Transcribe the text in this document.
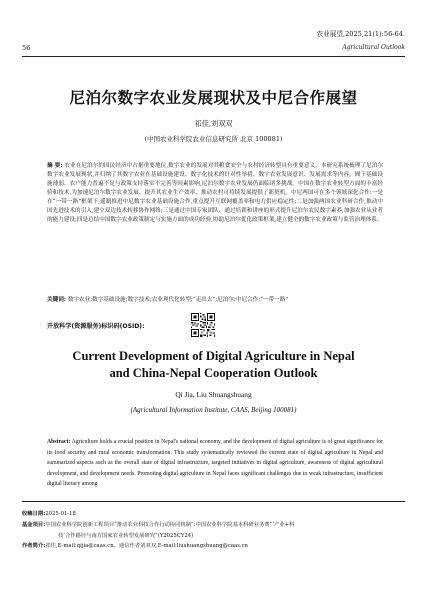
农业展望,2025,21(1):56-64.
56	Agricultural Outlook
尼泊尔数字农业发展现状及中尼合作展望
祁佳,刘双双
(中国农业科学院农业信息研究所 北京 100081)
摘 要: 农业在尼泊尔的国民经济中占据重要地位,数字农业的发展对其粮食安全与农村经济转型具有重要意义。本研究系统梳理了尼泊尔数字农业发展现状,并归纳了其数字农业在基础设施建设、数字化技术的针对性举措、数字农业发展意识、发展需求等内容。囿于基础设施薄弱、农户能力普遍不足与政策支持落实不完善等因素影响,尼泊尔数字农业发展仍面临诸多挑战。中国在数字农业转型方面的丰富经验和技术,为加速尼泊尔数字农业发展、提升其农业生产效率、推动农村可持续发展提供了新契机。中尼两国可在多个领域深化合作:一是在“一带一路”框架下,遥制推进中尼数字农业基础设施合作,重点提升互联网覆盖率和电力供应稳定性;二是加强两国农业科研合作,推动中国先进技术的引入,建立双边技术转移协作网络;三是通过中国专家团队、通过培训和讲座的形式提升尼泊尔农民数字素养,加强农业从业者的能力建设;四是总结中国数字农业政策制定与实施方面的成功经验,协助尼泊尔优化政策框架,建立健全的数字农业政策与监管治理体系。
关键词: 数字农业;数字基础设施;数字技术;农业现代化转型;“走出去”;尼泊尔;中尼合作;“一带一路”
开放科学(资源服务)标识码(OSID):
Current Development of Digital Agriculture in Nepal
and China-Nepal Cooperation Outlook
Qi Jia, Liu Shuangshuang
(Agricultural Information Institute, CAAS, Beijing 100081)
Abstract: Agriculture holds a crucial position in Nepal's national economy, and the development of digital agriculture is of great significance for its food security and rural economic transformation. This study systematically reviewed the current state of digital agriculture in Nepal and summarized aspects such as the overall state of digital infrastructure, targeted initiatives in digital agriculture, awareness of digital agricultural development, and development needs. Promoting digital agriculture in Nepal faces significant challenges due to weak infrastructure, insufficient digital literacy among
收稿日期: 2025-01-18
基金项目: 中国农业科学院创新工程项目“推动农业科技合作行动协同机制”;中国农业科学院基本科研业务费“‘产业+科
技’合作路径与南方国家农业转型发展研究”(Y2025CY24)
作者简介: 祁佳,E-mail:qijia@caas.cn。通信作者刘双双,E-mail:liushuangshuang@caas.cn
